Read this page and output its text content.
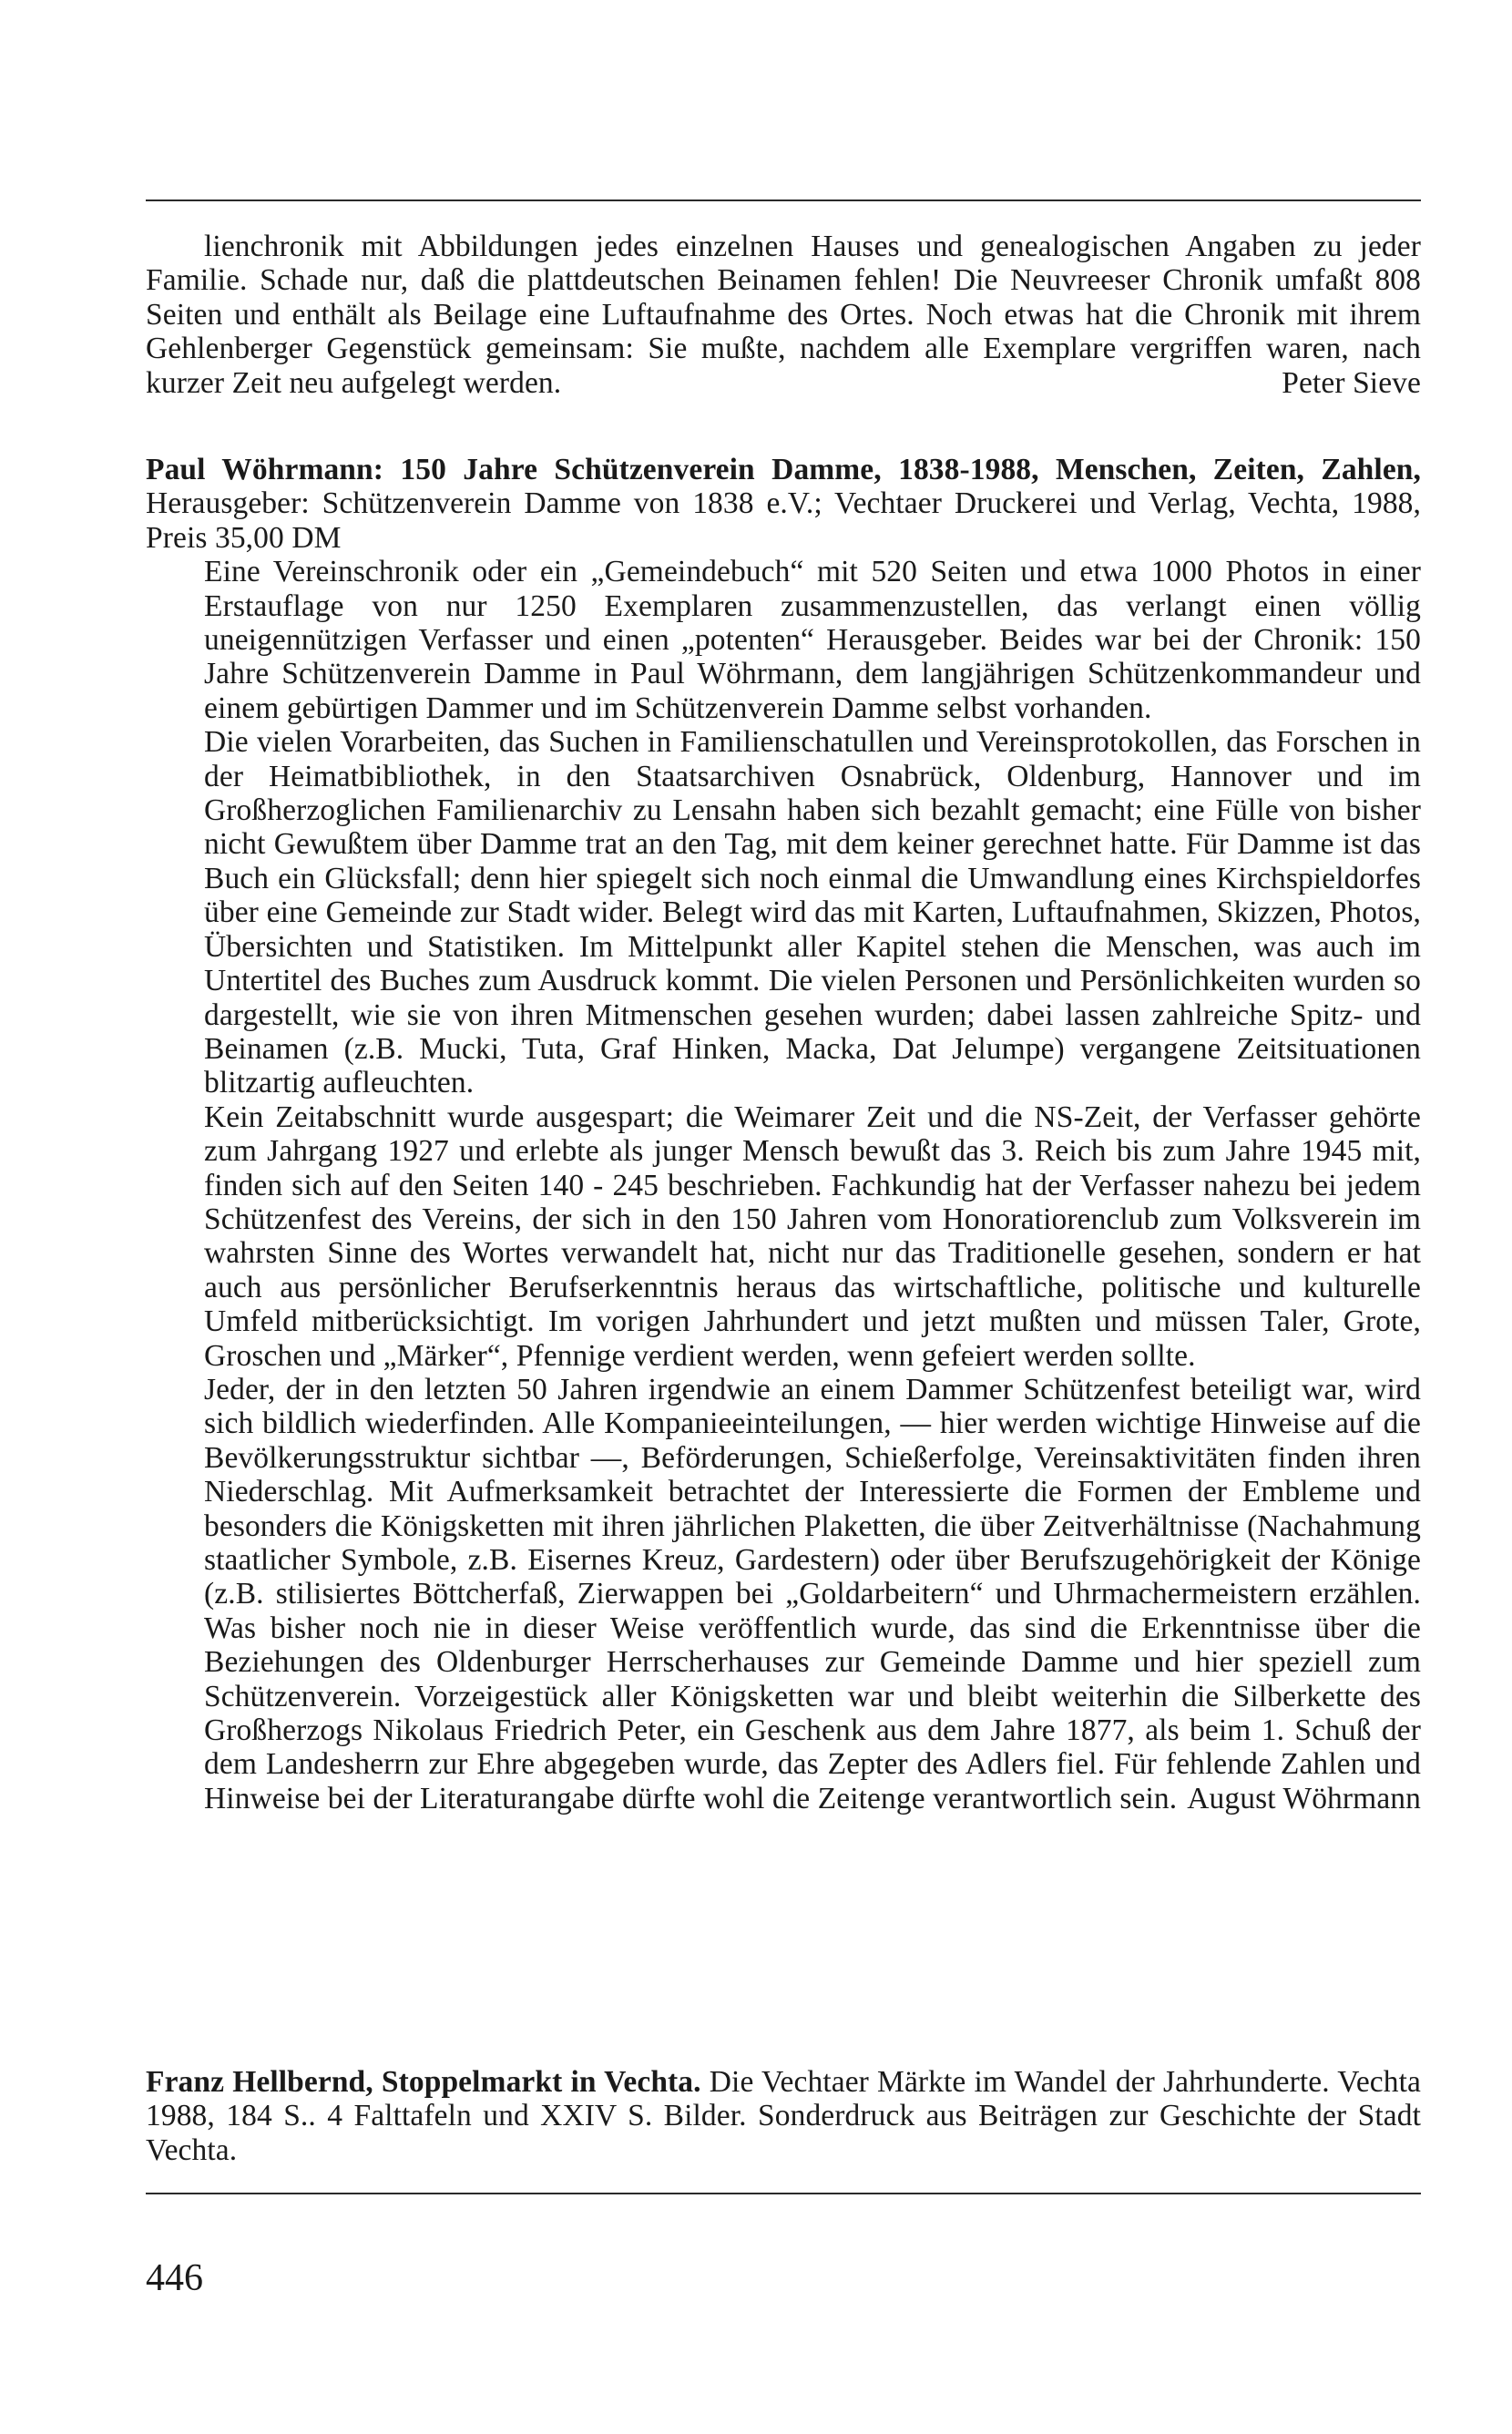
lienchronik mit Abbildungen jedes einzelnen Hauses und genealogischen Angaben zu jeder Familie. Schade nur, daß die plattdeutschen Beinamen fehlen! Die Neuvreeser Chronik umfaßt 808 Seiten und enthält als Beilage eine Luftaufnahme des Ortes. Noch etwas hat die Chronik mit ihrem Gehlenberger Gegenstück gemeinsam: Sie mußte, nachdem alle Exemplare vergriffen waren, nach kurzer Zeit neu aufgelegt werden.	Peter Sieve

Paul Wöhrmann: 150 Jahre Schützenverein Damme, 1838-1988, Menschen, Zeiten, Zahlen, Herausgeber: Schützenverein Damme von 1838 e.V.; Vechtaer Druckerei und Verlag, Vechta, 1988, Preis 35,00 DM

Eine Vereinschronik oder ein „Gemeindebuch“ mit 520 Seiten und etwa 1000 Photos in einer Erstauflage von nur 1250 Exemplaren zusammenzustellen, das verlangt einen völlig uneigennützigen Verfasser und einen „potenten“ Herausgeber. Beides war bei der Chronik: 150 Jahre Schützenverein Damme in Paul Wöhrmann, dem langjährigen Schützenkommandeur und einem gebürtigen Dammer und im Schützenverein Damme selbst vorhanden.

Die vielen Vorarbeiten, das Suchen in Familienschatullen und Vereinsprotokollen, das Forschen in der Heimatbibliothek, in den Staatsarchiven Osnabrück, Oldenburg, Hannover und im Großherzoglichen Familienarchiv zu Lensahn haben sich bezahlt gemacht; eine Fülle von bisher nicht Gewußtem über Damme trat an den Tag, mit dem keiner gerechnet hatte. Für Damme ist das Buch ein Glücksfall; denn hier spiegelt sich noch einmal die Umwandlung eines Kirchspieldorfes über eine Gemeinde zur Stadt wider. Belegt wird das mit Karten, Luftaufnahmen, Skizzen, Photos, Übersichten und Statistiken. Im Mittelpunkt aller Kapitel stehen die Menschen, was auch im Untertitel des Buches zum Ausdruck kommt. Die vielen Personen und Persönlichkeiten wurden so dargestellt, wie sie von ihren Mitmenschen gesehen wurden; dabei lassen zahlreiche Spitz- und Beinamen (z.B. Mucki, Tuta, Graf Hinken, Macka, Dat Jelumpe) vergangene Zeitsituationen blitzartig aufleuchten.

Kein Zeitabschnitt wurde ausgespart; die Weimarer Zeit und die NS-Zeit, der Verfasser gehörte zum Jahrgang 1927 und erlebte als junger Mensch bewußt das 3. Reich bis zum Jahre 1945 mit, finden sich auf den Seiten 140 - 245 beschrieben. Fachkundig hat der Verfasser nahezu bei jedem Schützenfest des Vereins, der sich in den 150 Jahren vom Honoratiorenclub zum Volksverein im wahrsten Sinne des Wortes verwandelt hat, nicht nur das Traditionelle gesehen, sondern er hat auch aus persönlicher Berufserkenntnis heraus das wirtschaftliche, politische und kulturelle Umfeld mitberücksichtigt. Im vorigen Jahrhundert und jetzt mußten und müssen Taler, Grote, Groschen und „Märker“, Pfennige verdient werden, wenn gefeiert werden sollte.

Jeder, der in den letzten 50 Jahren irgendwie an einem Dammer Schützenfest beteiligt war, wird sich bildlich wiederfinden. Alle Kompanieeinteilungen, — hier werden wichtige Hinweise auf die Bevölkerungsstruktur sichtbar —, Beförderungen, Schießerfolge, Vereinsaktivitäten finden ihren Niederschlag. Mit Aufmerksamkeit betrachtet der Interessierte die Formen der Embleme und besonders die Königsketten mit ihren jährlichen Plaketten, die über Zeitverhältnisse (Nachahmung staatlicher Symbole, z.B. Eisernes Kreuz, Gardestern) oder über Berufszugehörigkeit der Könige (z.B. stilisiertes Böttcherfaß, Zierwappen bei „Goldarbeitern“ und Uhrmachermeistern erzählen. Was bisher noch nie in dieser Weise veröffentlich wurde, das sind die Erkenntnisse über die Beziehungen des Oldenburger Herrscherhauses zur Gemeinde Damme und hier speziell zum Schützenverein. Vorzeigestück aller Königsketten war und bleibt weiterhin die Silberkette des Großherzogs Nikolaus Friedrich Peter, ein Geschenk aus dem Jahre 1877, als beim 1. Schuß der dem Landesherrn zur Ehre abgegeben wurde, das Zepter des Adlers fiel. Für fehlende Zahlen und Hinweise bei der Literaturangabe dürfte wohl die Zeitenge verantwortlich sein. August Wöhrmann

Franz Hellbernd, Stoppelmarkt in Vechta. Die Vechtaer Märkte im Wandel der Jahrhunderte. Vechta 1988, 184 S.. 4 Falttafeln und XXIV S. Bilder. Sonderdruck aus Beiträgen zur Geschichte der Stadt Vechta.

446
